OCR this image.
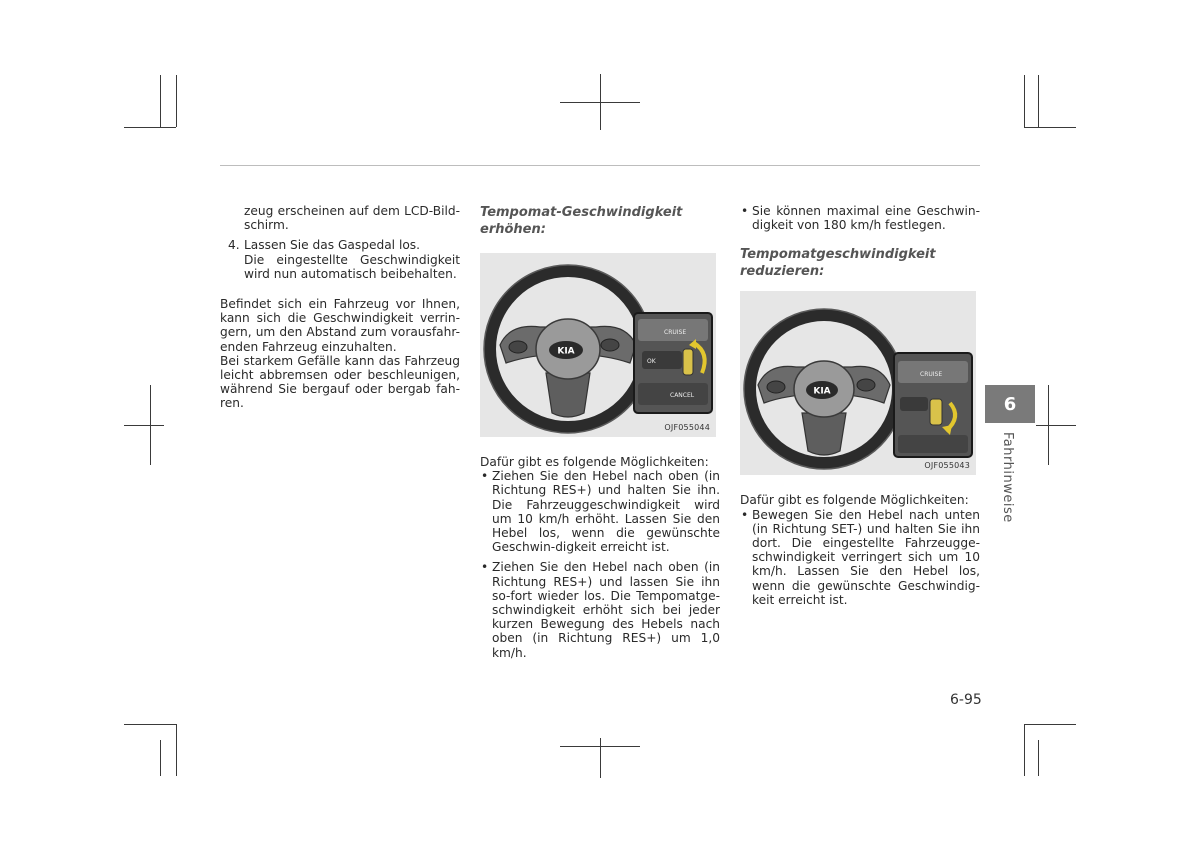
zeug erscheinen auf dem LCD-Bild-schirm.
4. Lassen Sie das Gaspedal los.
Die eingestellte Geschwindigkeit wird nun automatisch beibehalten.
Befindet sich ein Fahrzeug vor Ihnen, kann sich die Geschwindigkeit verrin-gern, um den Abstand zum vorausfahr-enden Fahrzeug einzuhalten.
Bei starkem Gefälle kann das Fahrzeug leicht abbremsen oder beschleunigen, während Sie bergauf oder bergab fah-ren.

Tempomat-Geschwindigkeit erhöhen:

KIA
CRUISE
OK
CANCEL
OJF055044
Dafür gibt es folgende Möglichkeiten:
• Ziehen Sie den Hebel nach oben (in Richtung RES+) und halten Sie ihn. Die Fahrzeuggeschwindigkeit wird um 10 km/h erhöht. Lassen Sie den Hebel los, wenn die gewünschte Geschwin-digkeit erreicht ist.
• Ziehen Sie den Hebel nach oben (in Richtung RES+) und lassen Sie ihn so-fort wieder los. Die Tempomatge-schwindigkeit erhöht sich bei jeder kurzen Bewegung des Hebels nach oben (in Richtung RES+) um 1,0 km/h.
• Sie können maximal eine Geschwin-digkeit von 180 km/h festlegen.

Tempomatgeschwindigkeit reduzieren:

KIA
CRUISE
OJF055043
Dafür gibt es folgende Möglichkeiten:
• Bewegen Sie den Hebel nach unten (in Richtung SET-) und halten Sie ihn dort. Die eingestellte Fahrzeugge-schwindigkeit verringert sich um 10 km/h. Lassen Sie den Hebel los, wenn die gewünschte Geschwindig-keit erreicht ist.
6
Fahrhinweise
6-95
